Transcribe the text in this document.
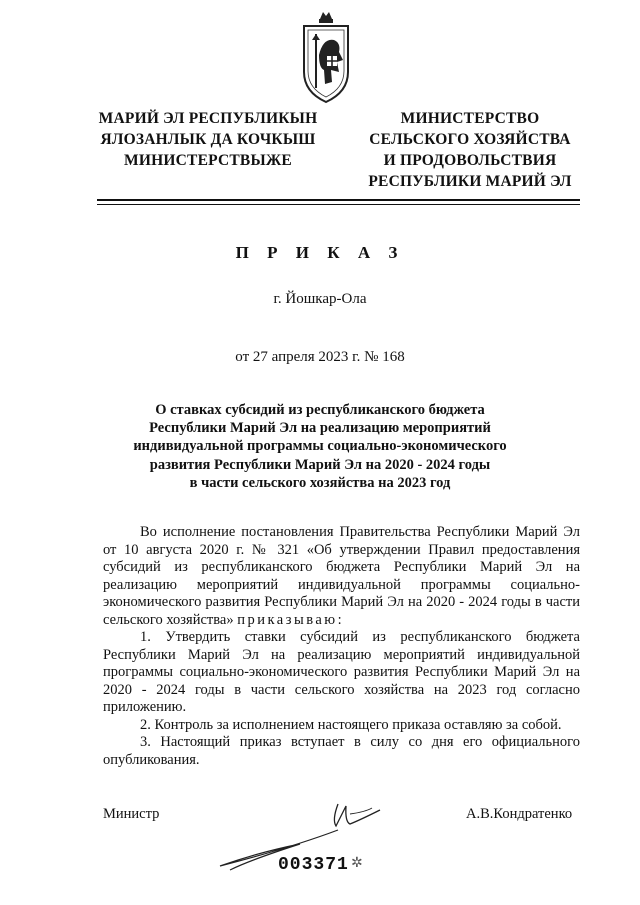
МАРИЙ ЭЛ РЕСПУБЛИКЫН
ЯЛОЗАНЛЫК ДА КОЧКЫШ
МИНИСТЕРСТВЫЖЕ
МИНИСТЕРСТВО
СЕЛЬСКОГО ХОЗЯЙСТВА
И ПРОДОВОЛЬСТВИЯ
РЕСПУБЛИКИ МАРИЙ ЭЛ
П Р И К А З
г. Йошкар-Ола
от 27 апреля 2023 г. № 168
О ставках субсидий из республиканского бюджета
Республики Марий Эл на реализацию мероприятий
индивидуальной программы социально-экономического
развития Республики Марий Эл на 2020 - 2024 годы
в части сельского хозяйства на 2023 год

Во исполнение постановления Правительства Республики Марий Эл от 10 августа 2020 г. № 321 «Об утверждении Правил предоставления субсидий из республиканского бюджета Республики Марий Эл на реализацию мероприятий индивидуальной программы социально-экономического развития Республики Марий Эл на 2020 - 2024 годы в части сельского хозяйства» приказываю:

1. Утвердить ставки субсидий из республиканского бюджета Республики Марий Эл на реализацию мероприятий индивидуальной программы социально-экономического развития Республики Марий Эл на 2020 - 2024 годы в части сельского хозяйства на 2023 год согласно приложению.

2. Контроль за исполнением настоящего приказа оставляю за собой.

3. Настоящий приказ вступает в силу со дня его официального опубликования.

Министр	А.В.Кондратенко
003371 ✲
